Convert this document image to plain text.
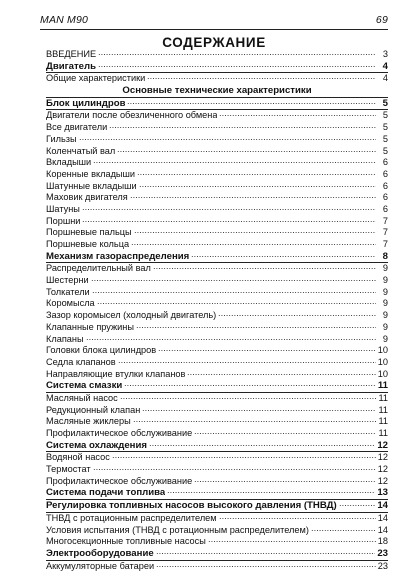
MAN M90	69
СОДЕРЖАНИЕ
ВВЕДЕНИЕ	3
Двигатель	4
Общие характеристики	4
Основные технические характеристики
Блок цилиндров	5
Двигатели после обезличенного обмена	5
Все двигатели	5
Гильзы	5
Коленчатый вал	5
Вкладыши	6
Коренные вкладыши	6
Шатунные вкладыши	6
Маховик двигателя	6
Шатуны	6
Поршни	7
Поршневые пальцы	7
Поршневые кольца	7
Механизм газораспределения	8
Распределительный вал	9
Шестерни	9
Толкатели	9
Коромысла	9
Зазор коромысел (холодный двигатель)	9
Клапанные пружины	9
Клапаны	9
Головки блока цилиндров	10
Седла клапанов	10
Направляющие втулки клапанов	10
Система смазки	11
Масляный насос	11
Редукционный клапан	11
Масляные жиклеры	11
Профилактическое обслуживание	11
Система охлаждения	12
Водяной насос	12
Термостат	12
Профилактическое обслуживание	12
Система подачи топлива	13
Регулировка топливных насосов высокого давления (ТНВД)	14
ТНВД с ротационным распределителем	14
Условия испытания (ТНВД с ротационным распределителем)	14
Многосекционные топливные насосы	18
Электрооборудование	23
Аккумуляторные батареи	23
